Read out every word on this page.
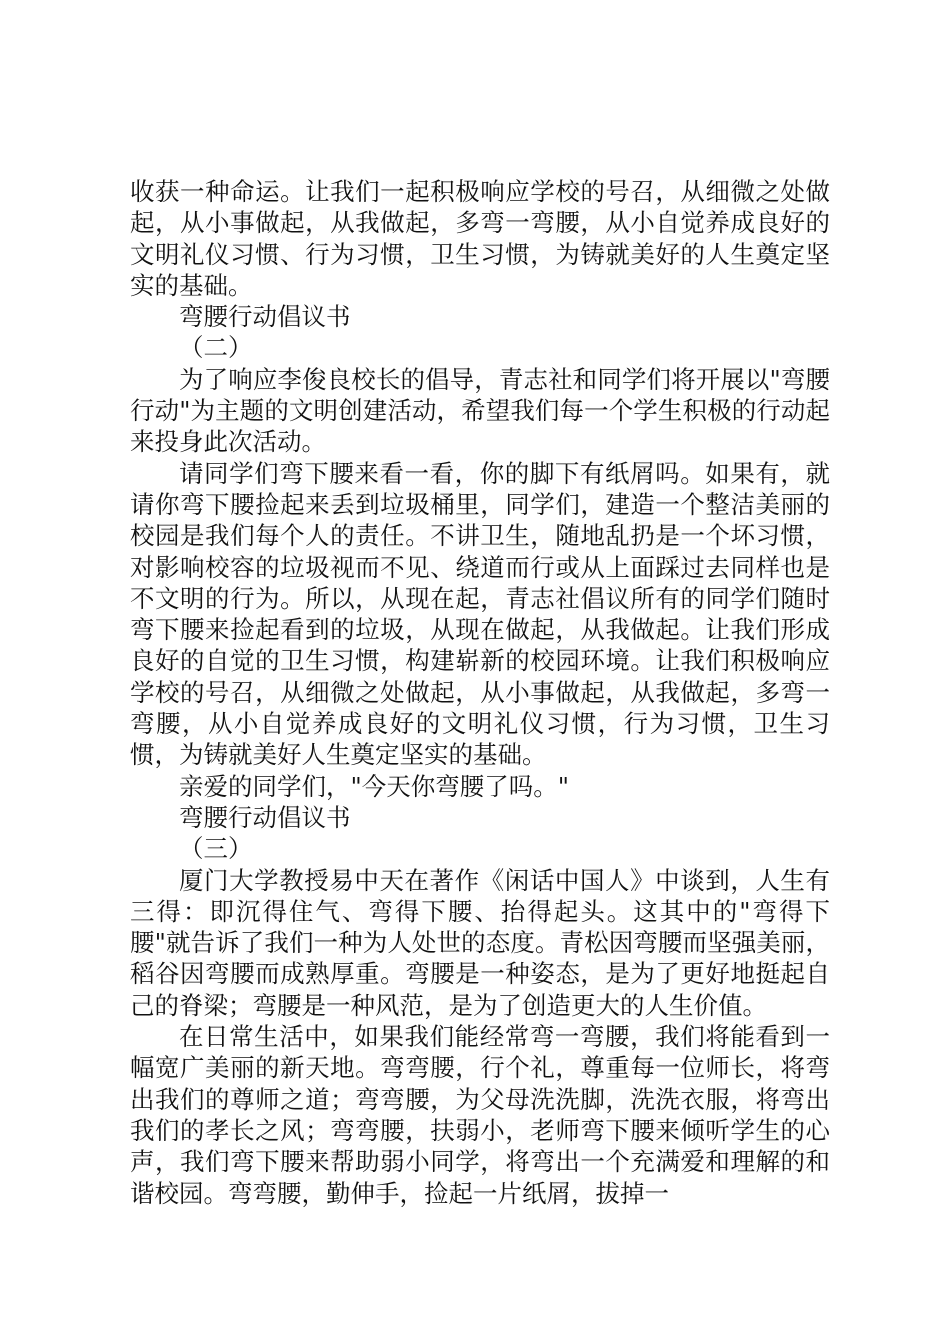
收获一种命运。让我们一起积极响应学校的号召，从细微之处做起，从小事做起，从我做起，多弯一弯腰，从小自觉养成良好的文明礼仪习惯、行为习惯，卫生习惯，为铸就美好的人生奠定坚实的基础。

弯腰行动倡议书

（二）

为了响应李俊良校长的倡导，青志社和同学们将开展以"弯腰行动"为主题的文明创建活动，希望我们每一个学生积极的行动起来投身此次活动。

请同学们弯下腰来看一看，你的脚下有纸屑吗。如果有，就请你弯下腰捡起来丢到垃圾桶里，同学们，建造一个整洁美丽的校园是我们每个人的责任。不讲卫生，随地乱扔是一个坏习惯，对影响校容的垃圾视而不见、绕道而行或从上面踩过去同样也是不文明的行为。所以，从现在起，青志社倡议所有的同学们随时弯下腰来捡起看到的垃圾，从现在做起，从我做起。让我们形成良好的自觉的卫生习惯，构建崭新的校园环境。让我们积极响应学校的号召，从细微之处做起，从小事做起，从我做起，多弯一弯腰，从小自觉养成良好的文明礼仪习惯，行为习惯，卫生习惯，为铸就美好人生奠定坚实的基础。

亲爱的同学们，"今天你弯腰了吗。"

弯腰行动倡议书

（三）

厦门大学教授易中天在著作《闲话中国人》中谈到，人生有三得：即沉得住气、弯得下腰、抬得起头。这其中的"弯得下腰"就告诉了我们一种为人处世的态度。青松因弯腰而坚强美丽，稻谷因弯腰而成熟厚重。弯腰是一种姿态，是为了更好地挺起自己的脊梁；弯腰是一种风范，是为了创造更大的人生价值。

在日常生活中，如果我们能经常弯一弯腰，我们将能看到一幅宽广美丽的新天地。弯弯腰，行个礼，尊重每一位师长，将弯出我们的尊师之道；弯弯腰，为父母洗洗脚，洗洗衣服，将弯出我们的孝长之风；弯弯腰，扶弱小，老师弯下腰来倾听学生的心声，我们弯下腰来帮助弱小同学，将弯出一个充满爱和理解的和谐校园。弯弯腰，勤伸手，捡起一片纸屑，拔掉一
